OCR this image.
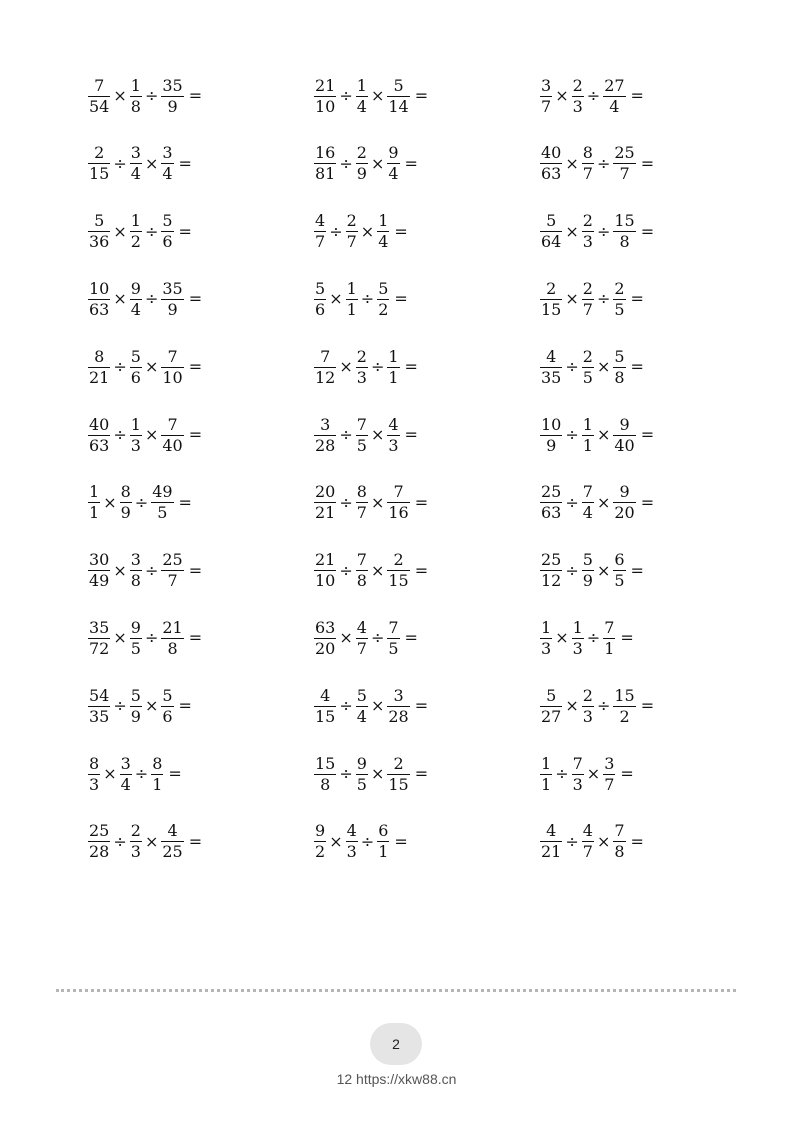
$\frac{7}{54} \times \frac{1}{8} \div \frac{35}{9}$ =	$\frac{21}{10} \div \frac{1}{4} \times \frac{5}{14}$ =	$\frac{3}{7} \times \frac{2}{3} \div \frac{27}{4}$ =
$\frac{2}{15} \div \frac{3}{4} \times \frac{3}{4}$ =	$\frac{16}{81} \div \frac{2}{9} \times \frac{9}{4}$ =	$\frac{40}{63} \times \frac{8}{7} \div \frac{25}{7}$ =
$\frac{5}{36} \times \frac{1}{2} \div \frac{5}{6}$ =	$\frac{4}{7} \div \frac{2}{7} \times \frac{1}{4}$ =	$\frac{5}{64} \times \frac{2}{3} \div \frac{15}{8}$ =
$\frac{10}{63} \times \frac{9}{4} \div \frac{35}{9}$ =	$\frac{5}{6} \times \frac{1}{1} \div \frac{5}{2}$ =	$\frac{2}{15} \times \frac{2}{7} \div \frac{2}{5}$ =
$\frac{8}{21} \div \frac{5}{6} \times \frac{7}{10}$ =	$\frac{7}{12} \times \frac{2}{3} \div \frac{1}{1}$ =	$\frac{4}{35} \div \frac{2}{5} \times \frac{5}{8}$ =
$\frac{40}{63} \div \frac{1}{3} \times \frac{7}{40}$ =	$\frac{3}{28} \div \frac{7}{5} \times \frac{4}{3}$ =	$\frac{10}{9} \div \frac{1}{1} \times \frac{9}{40}$ =
$\frac{1}{1} \times \frac{8}{9} \div \frac{49}{5}$ =	$\frac{20}{21} \div \frac{8}{7} \times \frac{7}{16}$ =	$\frac{25}{63} \div \frac{7}{4} \times \frac{9}{20}$ =
$\frac{30}{49} \times \frac{3}{8} \div \frac{25}{7}$ =	$\frac{21}{10} \div \frac{7}{8} \times \frac{2}{15}$ =	$\frac{25}{12} \div \frac{5}{9} \times \frac{6}{5}$ =
$\frac{35}{72} \times \frac{9}{5} \div \frac{21}{8}$ =	$\frac{63}{20} \times \frac{4}{7} \div \frac{7}{5}$ =	$\frac{1}{3} \times \frac{1}{3} \div \frac{7}{1}$ =
$\frac{54}{35} \div \frac{5}{9} \times \frac{5}{6}$ =	$\frac{4}{15} \div \frac{5}{4} \times \frac{3}{28}$ =	$\frac{5}{27} \times \frac{2}{3} \div \frac{15}{2}$ =
$\frac{8}{3} \times \frac{3}{4} \div \frac{8}{1}$ =	$\frac{15}{8} \div \frac{9}{5} \times \frac{2}{15}$ =	$\frac{1}{1} \div \frac{7}{3} \times \frac{3}{7}$ =
$\frac{25}{28} \div \frac{2}{3} \times \frac{4}{25}$ =	$\frac{9}{2} \times \frac{4}{3} \div \frac{6}{1}$ =	$\frac{4}{21} \div \frac{4}{7} \times \frac{7}{8}$ =
2
12 https://xkw88.cn
